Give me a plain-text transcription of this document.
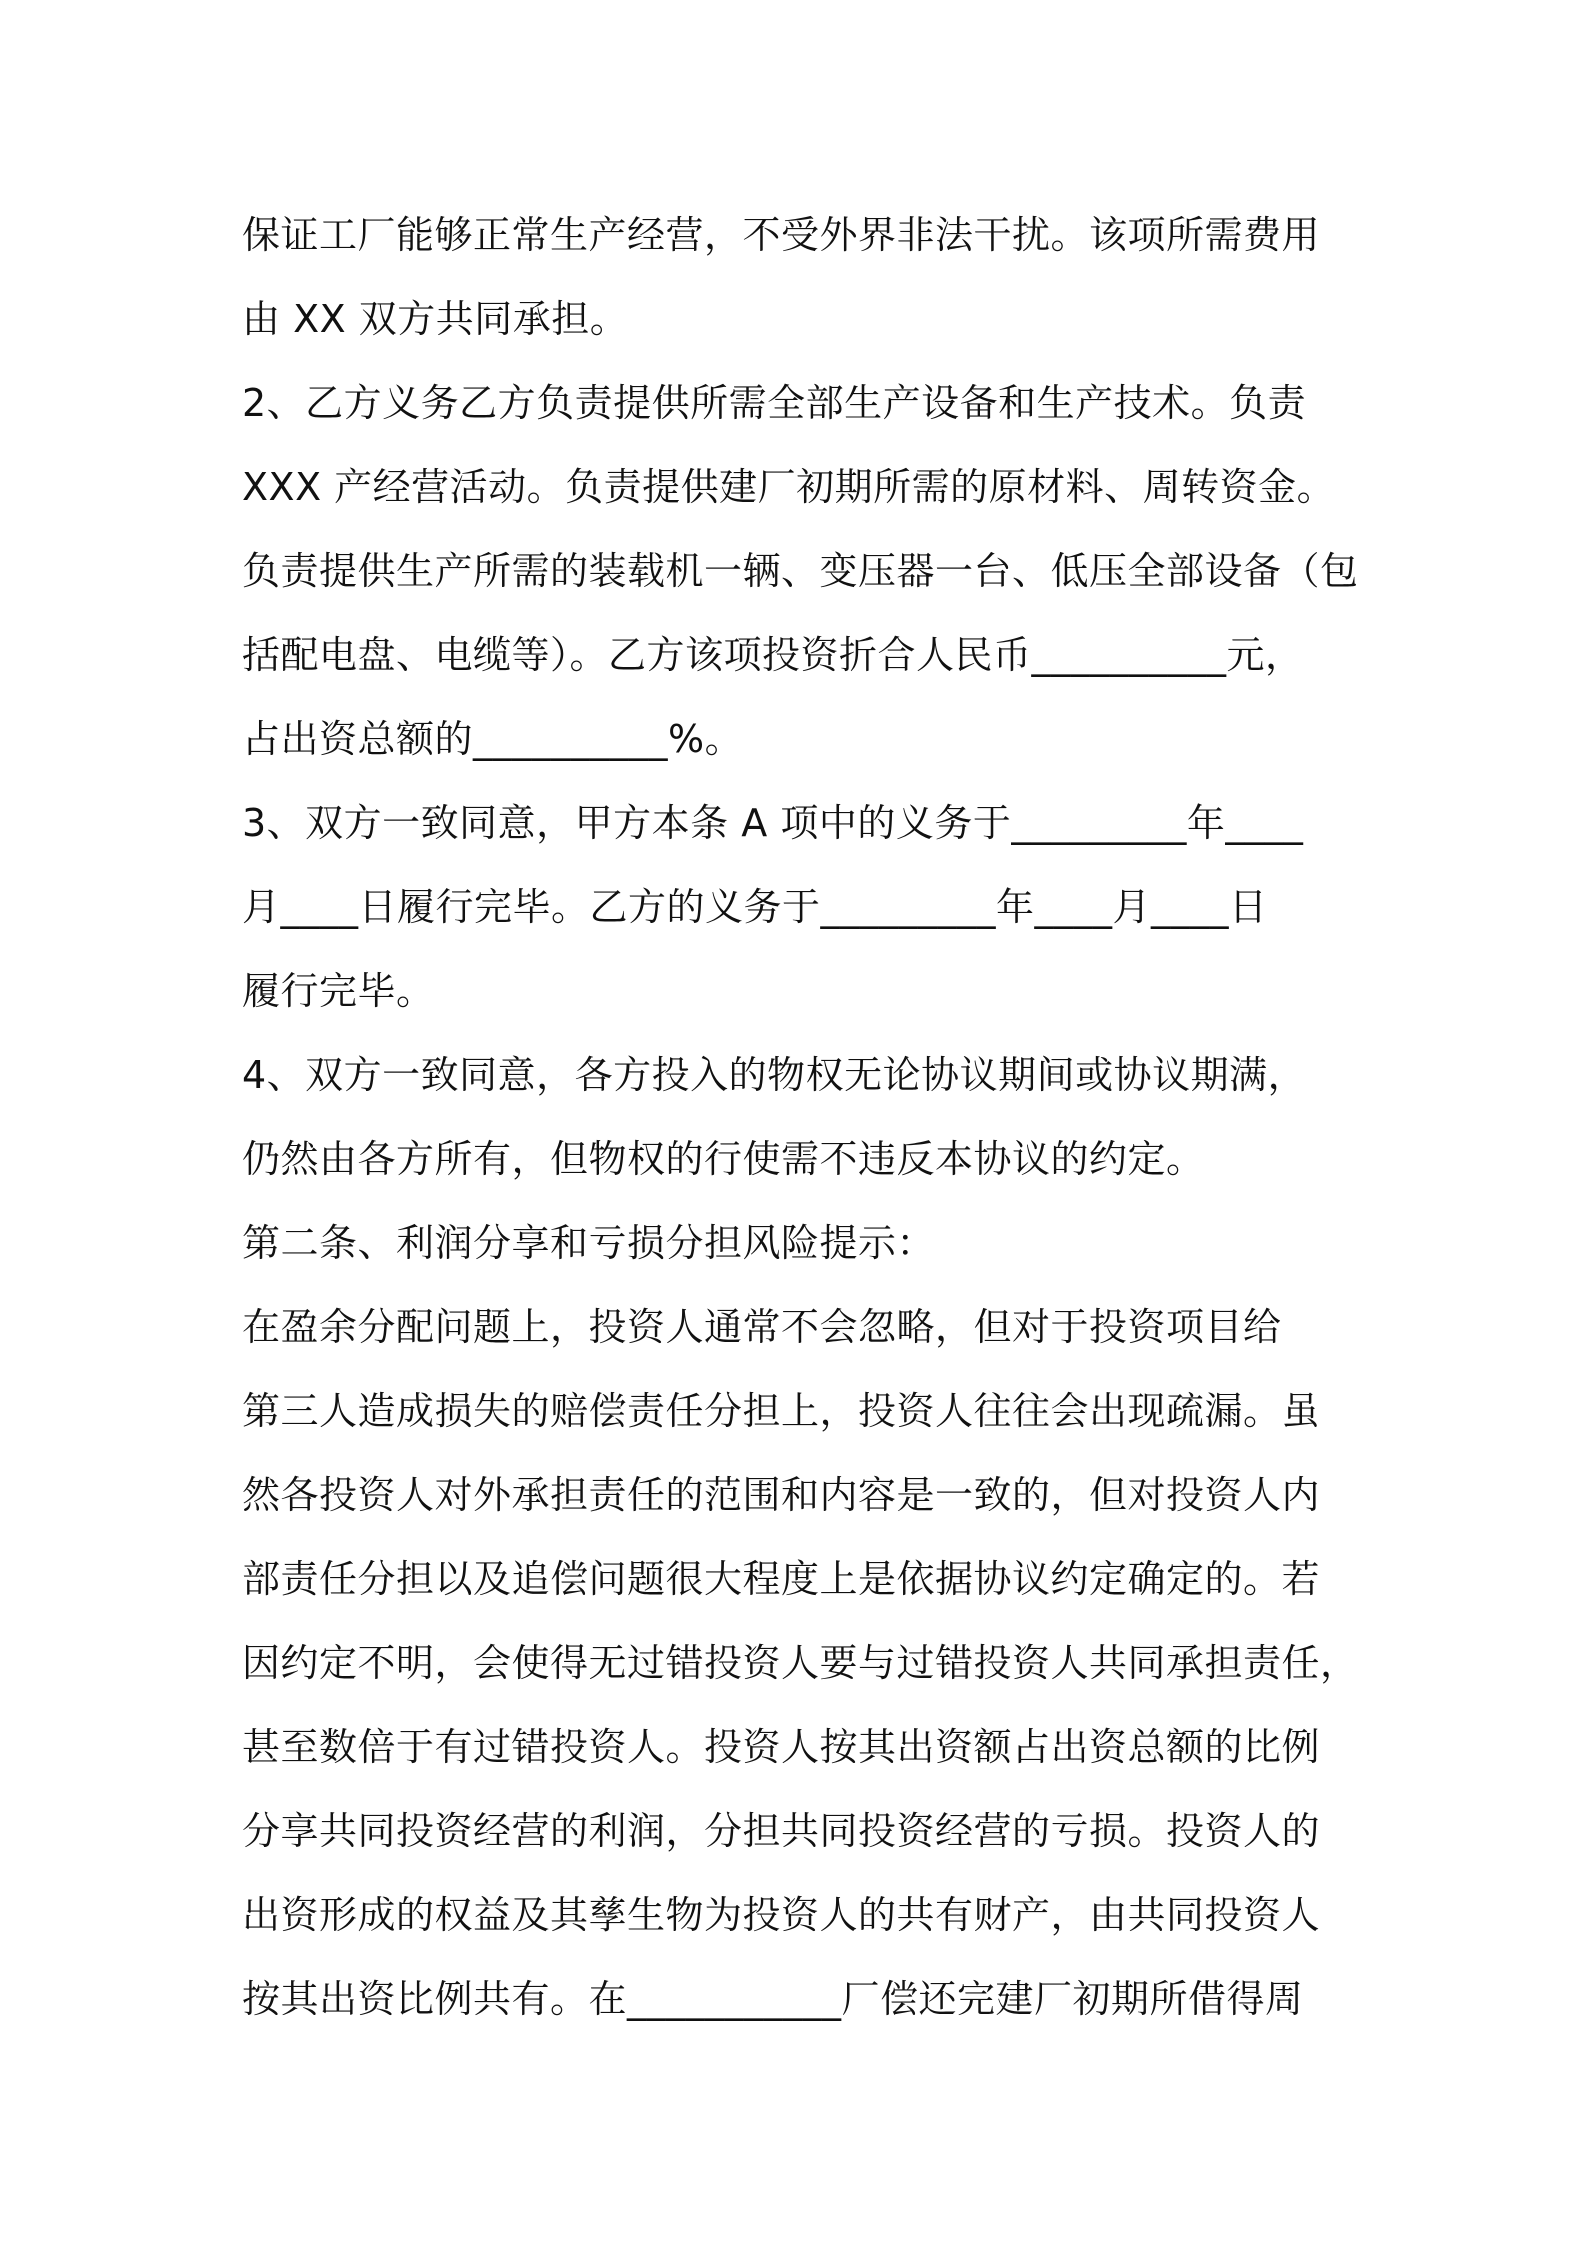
保证工厂能够正常生产经营，不受外界非法干扰。该项所需费用
由 XX 双方共同承担。
2、乙方义务乙方负责提供所需全部生产设备和生产技术。负责
XXX 产经营活动。负责提供建厂初期所需的原材料、周转资金。
负责提供生产所需的装载机一辆、变压器一台、低压全部设备（包
括配电盘、电缆等）。乙方该项投资折合人民币__________元，
占出资总额的__________%。
3、双方一致同意，甲方本条 A 项中的义务于_________年____
月____日履行完毕。乙方的义务于_________年____月____日
履行完毕。
4、双方一致同意，各方投入的物权无论协议期间或协议期满，
仍然由各方所有，但物权的行使需不违反本协议的约定。
第二条、利润分享和亏损分担风险提示：
在盈余分配问题上，投资人通常不会忽略，但对于投资项目给
第三人造成损失的赔偿责任分担上，投资人往往会出现疏漏。虽
然各投资人对外承担责任的范围和内容是一致的，但对投资人内
部责任分担以及追偿问题很大程度上是依据协议约定确定的。若
因约定不明，会使得无过错投资人要与过错投资人共同承担责任，
甚至数倍于有过错投资人。投资人按其出资额占出资总额的比例
分享共同投资经营的利润，分担共同投资经营的亏损。投资人的
出资形成的权益及其孳生物为投资人的共有财产，由共同投资人
按其出资比例共有。在___________厂偿还完建厂初期所借得周
